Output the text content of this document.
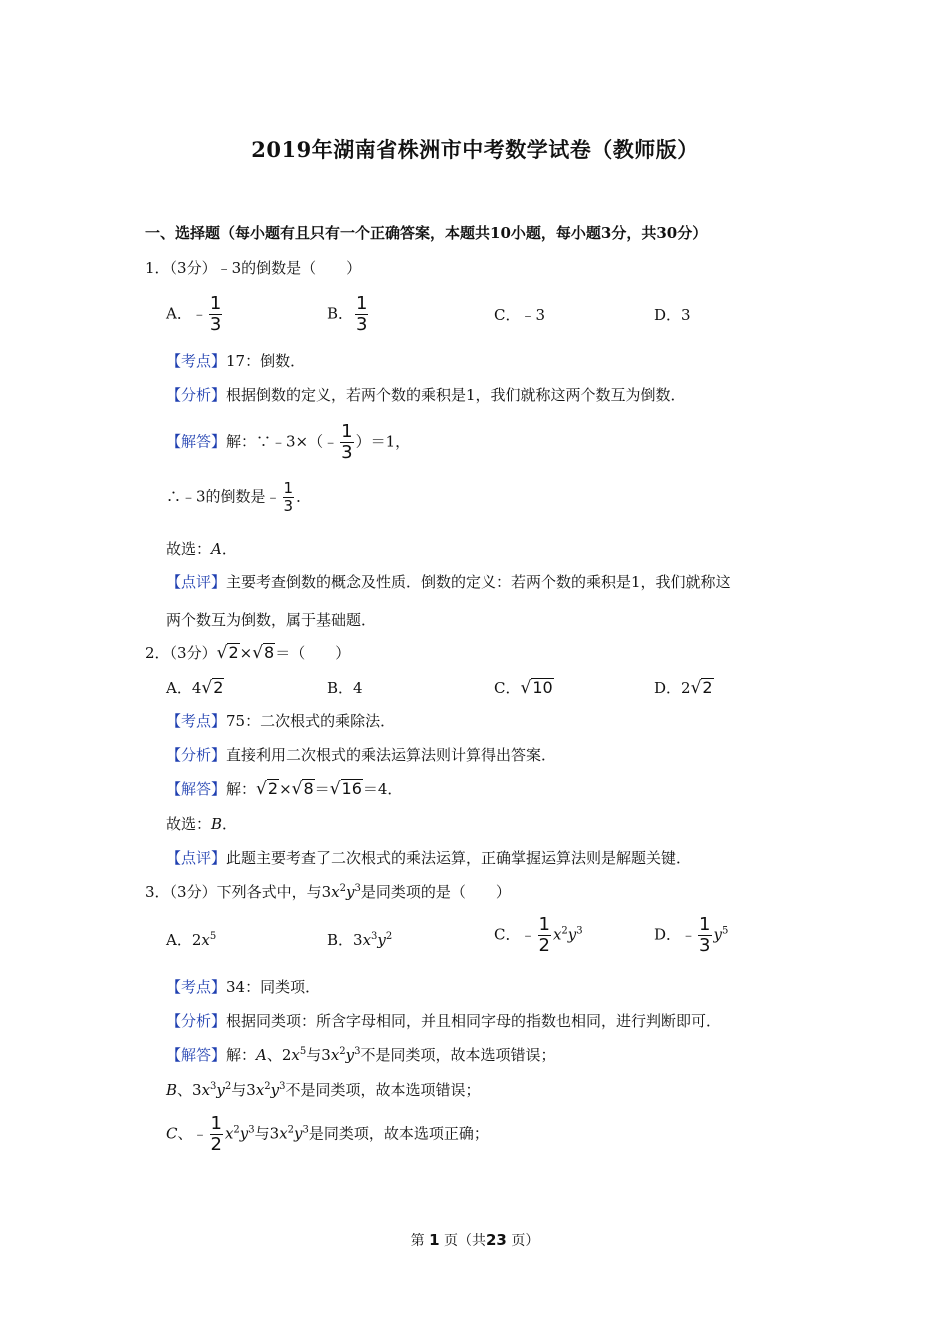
2019年湖南省株洲市中考数学试卷（教师版）
一、选择题（每小题有且只有一个正确答案，本题共10小题，每小题3分，共30分）
1．（3分）﹣3的倒数是（　　）
A．﹣ $\frac{1}{3}$	B． $\frac{1}{3}$	C．﹣3	D．3
【考点】17：倒数．
【分析】根据倒数的定义，若两个数的乘积是1，我们就称这两个数互为倒数．
【解答】解：∵﹣3×（﹣ $\frac{1}{3} )=1$，
∴﹣3的倒数是﹣ $\frac{1}{3}$ ．
故选：A．
【点评】主要考查倒数的概念及性质．倒数的定义：若两个数的乘积是1，我们就称这
两个数互为倒数，属于基础题．
2．（3分）√2×√8＝（　　）
A．4√2	B．4	C．√10	D．2√2
【考点】75：二次根式的乘除法．
【分析】直接利用二次根式的乘法运算法则计算得出答案．
【解答】解：√2×√8＝√16＝4．
故选：B．
【点评】此题主要考查了二次根式的乘法运算，正确掌握运算法则是解题关键．
3．（3分）下列各式中，与$3x^2y^3$是同类项的是（　　）
A．$2x^5$	B．$3x^3y^2$	C．﹣ $\frac{1}{2} x^2y^3$	D．﹣ $\frac{1}{3} y^5$
【考点】34：同类项．
【分析】根据同类项：所含字母相同，并且相同字母的指数也相同，进行判断即可．
【解答】解：A、$2x^5$与$3x^2y^3$不是同类项，故本选项错误；
B、$3x^3y^2$与$3x^2y^3$不是同类项，故本选项错误；
C、﹣ $\frac{1}{2} x^2y^3$与$3x^2y^3$是同类项，故本选项正确；
第 1 页（共23 页）
